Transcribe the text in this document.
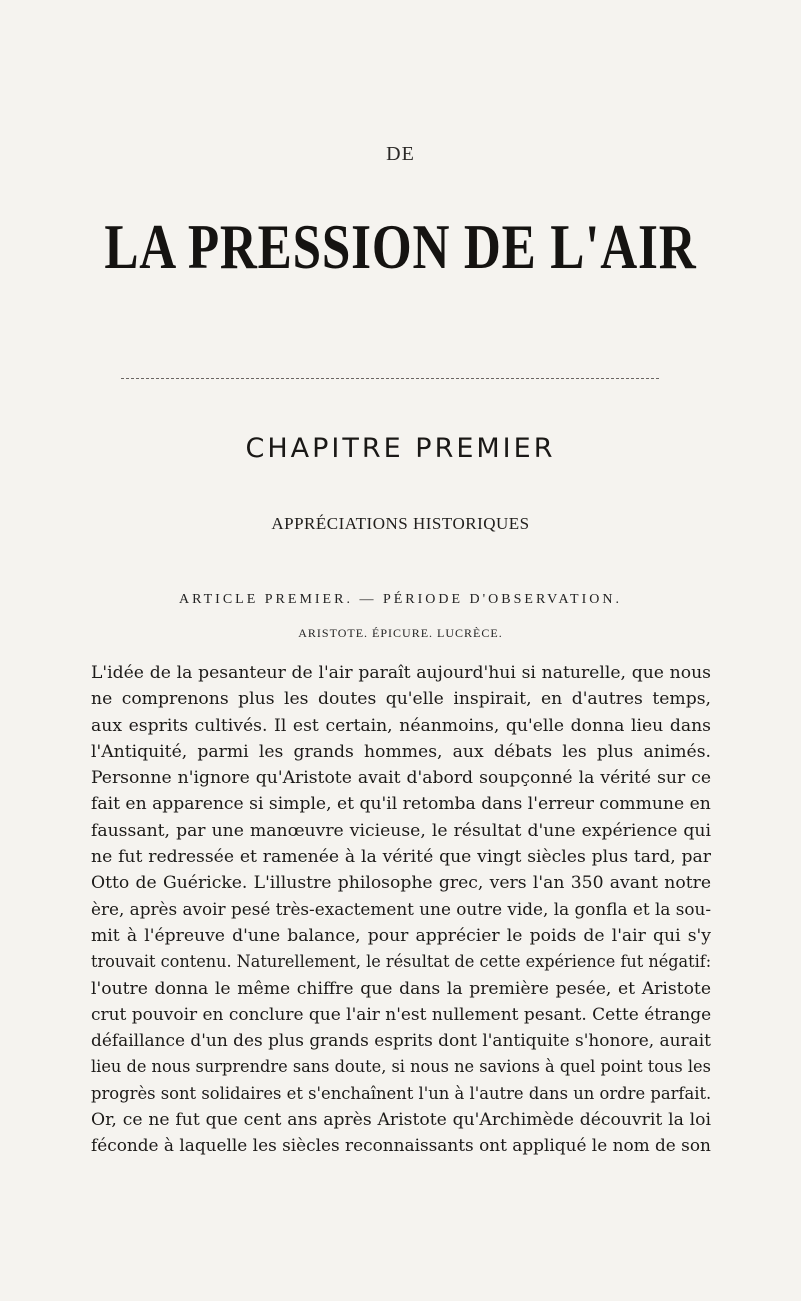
DE
LA PRESSION DE L'AIR
CHAPITRE PREMIER
APPRÉCIATIONS HISTORIQUES
ARTICLE PREMIER. — PÉRIODE D'OBSERVATION.
ARISTOTE. ÉPICURE. LUCRÈCE.
L'idée de la pesanteur de l'air paraît aujourd'hui si naturelle, que nous
ne comprenons plus les doutes qu'elle inspirait, en d'autres temps,
aux esprits cultivés. Il est certain, néanmoins, qu'elle donna lieu dans
l'Antiquité, parmi les grands hommes, aux débats les plus animés.
Personne n'ignore qu'Aristote avait d'abord soupçonné la vérité sur ce
fait en apparence si simple, et qu'il retomba dans l'erreur commune en
faussant, par une manœuvre vicieuse, le résultat d'une expérience qui
ne fut redressée et ramenée à la vérité que vingt siècles plus tard, par
Otto de Guéricke. L'illustre philosophe grec, vers l'an 350 avant notre
ère, après avoir pesé très-exactement une outre vide, la gonfla et la sou-
mit à l'épreuve d'une balance, pour apprécier le poids de l'air qui s'y
trouvait contenu. Naturellement, le résultat de cette expérience fut négatif:
l'outre donna le même chiffre que dans la première pesée, et Aristote
crut pouvoir en conclure que l'air n'est nullement pesant. Cette étrange
défaillance d'un des plus grands esprits dont l'antiquite s'honore, aurait
lieu de nous surprendre sans doute, si nous ne savions à quel point tous les
progrès sont solidaires et s'enchaînent l'un à l'autre dans un ordre parfait.
Or, ce ne fut que cent ans après Aristote qu'Archimède découvrit la loi
féconde à laquelle les siècles reconnaissants ont appliqué le nom de son
